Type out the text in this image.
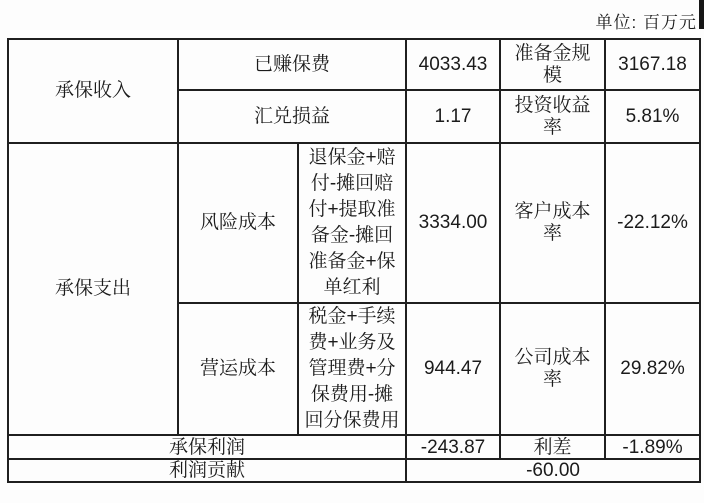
单位: 百万元
承保收入	已赚保费		4033.43	准备金规模	3167.18
	汇兑损益		1.17	投资收益率	5.81%
承保支出	风险成本	退保金+赔付-摊回赔付+提取准备金-摊回准备金+保单红利	3334.00	客户成本率	-22.12%
	营运成本	税金+手续费+业务及管理费+分保费用-摊回分保费用	944.47	公司成本率	29.82%
承保利润			-243.87	利差	-1.89%
利润贡献			-60.00		
